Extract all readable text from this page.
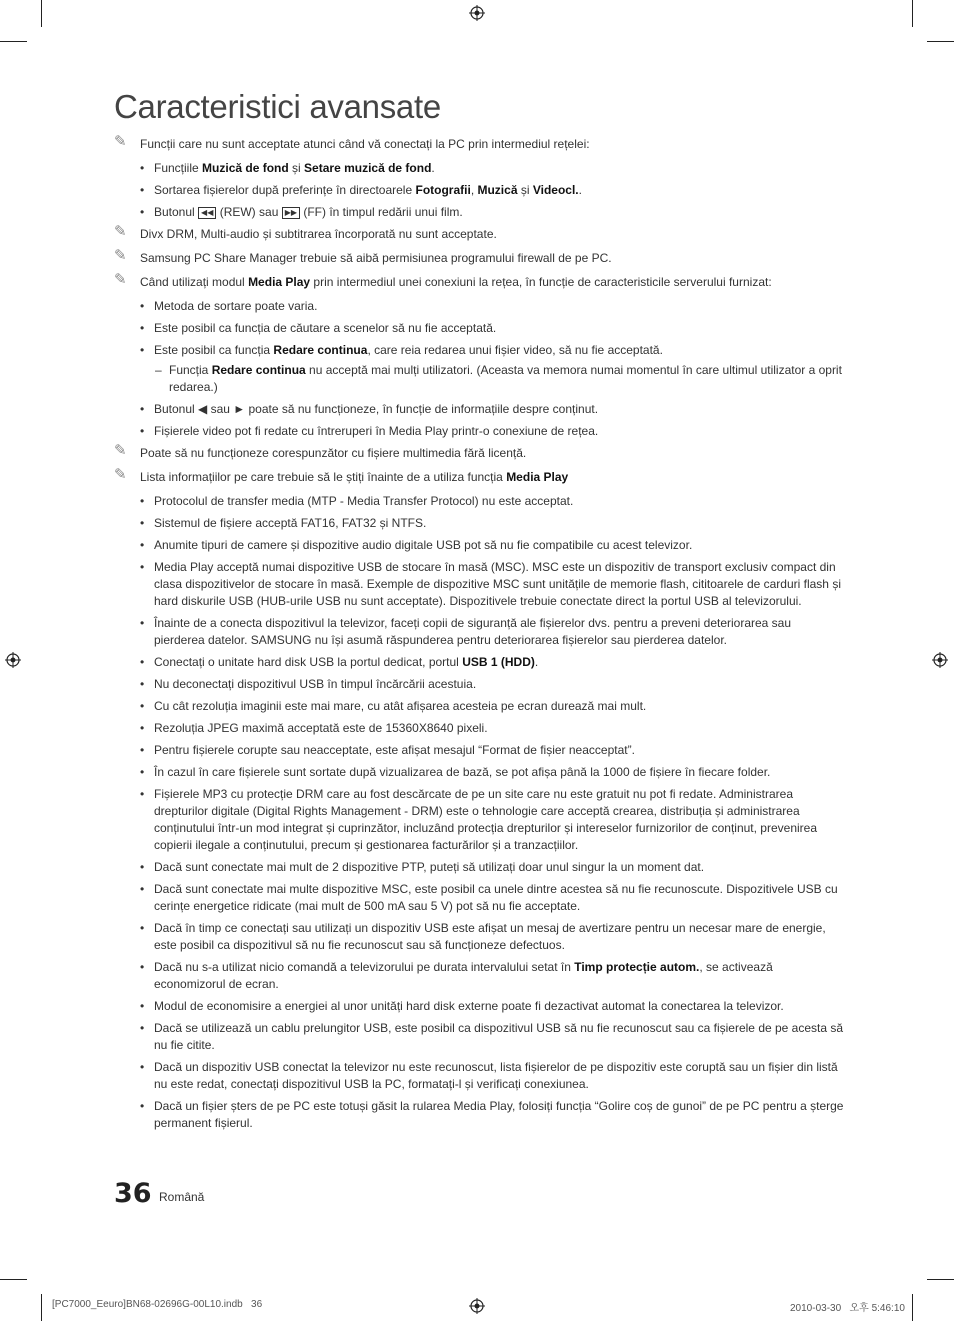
Caracteristici avansate

✎ Funcții care nu sunt acceptate atunci când vă conectați la PC prin intermediul rețelei:

• Funcțiile Muzică de fond și Setare muzică de fond.

• Sortarea fișierelor după preferințe în directoarele Fotografii, Muzică și Videocl..

• Butonul ◀◀ (REW) sau ▶▶ (FF) în timpul redării unui film.

✎ Divx DRM, Multi-audio și subtitrarea încorporată nu sunt acceptate.

✎ Samsung PC Share Manager trebuie să aibă permisiunea programului firewall de pe PC.

✎ Când utilizați modul Media Play prin intermediul unei conexiuni la rețea, în funcție de caracteristicile serverului furnizat:

• Metoda de sortare poate varia.

• Este posibil ca funcția de căutare a scenelor să nu fie acceptată.

• Este posibil ca funcția Redare continua, care reia redarea unui fișier video, să nu fie acceptată.

– Funcția Redare continua nu acceptă mai mulți utilizatori. (Aceasta va memora numai momentul în care ultimul utilizator a oprit redarea.)

• Butonul ◀ sau ► poate să nu funcționeze, în funcție de informațiile despre conținut.

• Fișierele video pot fi redate cu întreruperi în Media Play printr-o conexiune de rețea.

✎ Poate să nu funcționeze corespunzător cu fișiere multimedia fără licență.

✎ Lista informațiilor pe care trebuie să le știți înainte de a utiliza funcția Media Play

• Protocolul de transfer media (MTP - Media Transfer Protocol) nu este acceptat.

• Sistemul de fișiere acceptă FAT16, FAT32 și NTFS.

• Anumite tipuri de camere și dispozitive audio digitale USB pot să nu fie compatibile cu acest televizor.

• Media Play acceptă numai dispozitive USB de stocare în masă (MSC). MSC este un dispozitiv de transport exclusiv compact din clasa dispozitivelor de stocare în masă. Exemple de dispozitive MSC sunt unitățile de memorie flash, cititoarele de carduri flash și hard diskurile USB (HUB-urile USB nu sunt acceptate). Dispozitivele trebuie conectate direct la portul USB al televizorului.

• Înainte de a conecta dispozitivul la televizor, faceți copii de siguranță ale fișierelor dvs. pentru a preveni deteriorarea sau pierderea datelor. SAMSUNG nu își asumă răspunderea pentru deteriorarea fișierelor sau pierderea datelor.

• Conectați o unitate hard disk USB la portul dedicat, portul USB 1 (HDD).

• Nu deconectați dispozitivul USB în timpul încărcării acestuia.

• Cu cât rezoluția imaginii este mai mare, cu atât afișarea acesteia pe ecran durează mai mult.

• Rezoluția JPEG maximă acceptată este de 15360X8640 pixeli.

• Pentru fișierele corupte sau neacceptate, este afișat mesajul “Format de fișier neacceptat”.

• În cazul în care fișierele sunt sortate după vizualizarea de bază, se pot afișa până la 1000 de fișiere în fiecare folder.

• Fișierele MP3 cu protecție DRM care au fost descărcate de pe un site care nu este gratuit nu pot fi redate. Administrarea drepturilor digitale (Digital Rights Management - DRM) este o tehnologie care acceptă crearea, distribuția și administrarea conținutului într-un mod integrat și cuprinzător, incluzând protecția drepturilor și intereselor furnizorilor de conținut, prevenirea copierii ilegale a conținutului, precum și gestionarea facturărilor și a tranzacțiilor.

• Dacă sunt conectate mai mult de 2 dispozitive PTP, puteți să utilizați doar unul singur la un moment dat.

• Dacă sunt conectate mai multe dispozitive MSC, este posibil ca unele dintre acestea să nu fie recunoscute. Dispozitivele USB cu cerințe energetice ridicate (mai mult de 500 mA sau 5 V) pot să nu fie acceptate.

• Dacă în timp ce conectați sau utilizați un dispozitiv USB este afișat un mesaj de avertizare pentru un necesar mare de energie, este posibil ca dispozitivul să nu fie recunoscut sau să funcționeze defectuos.

• Dacă nu s-a utilizat nicio comandă a televizorului pe durata intervalului setat în Timp protecție autom., se activează economizorul de ecran.

• Modul de economisire a energiei al unor unități hard disk externe poate fi dezactivat automat la conectarea la televizor.

• Dacă se utilizează un cablu prelungitor USB, este posibil ca dispozitivul USB să nu fie recunoscut sau ca fișierele de pe acesta să nu fie citite.

• Dacă un dispozitiv USB conectat la televizor nu este recunoscut, lista fișierelor de pe dispozitiv este coruptă sau un fișier din listă nu este redat, conectați dispozitivul USB la PC, formatați-l și verificați conexiunea.

• Dacă un fișier șters de pe PC este totuși găsit la rularea Media Play, folosiți funcția “Golire coș de gunoi” de pe PC pentru a șterge permanent fișierul.

36 Română
[PC7000_Eeuro]BN68-02696G-00L10.indb   36	2010-03-30   오후 5:46:10
